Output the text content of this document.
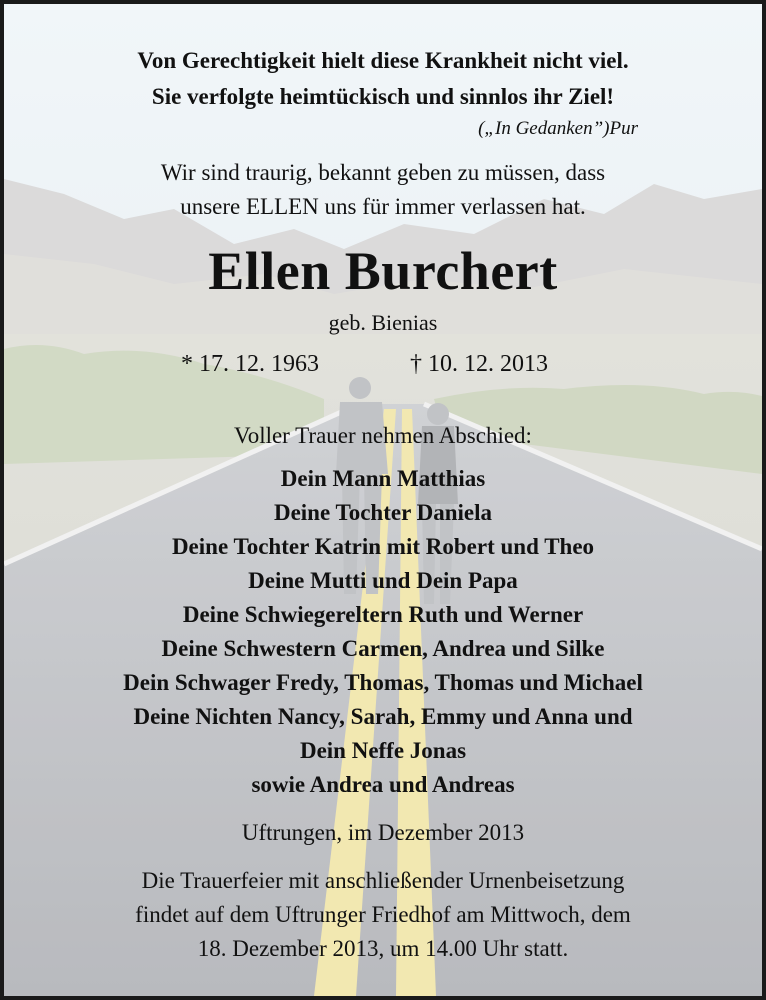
Von Gerechtigkeit hielt diese Krankheit nicht viel.
Sie verfolgte heimtückisch und sinnlos ihr Ziel!
(„In Gedanken”)Pur
Wir sind traurig, bekannt geben zu müssen, dass
unsere ELLEN uns für immer verlassen hat.
Ellen Burchert
geb. Bienias
* 17. 12. 1963	† 10. 12. 2013
Voller Trauer nehmen Abschied:
Dein Mann Matthias
Deine Tochter Daniela
Deine Tochter Katrin mit Robert und Theo
Deine Mutti und Dein Papa
Deine Schwiegereltern Ruth und Werner
Deine Schwestern Carmen, Andrea und Silke
Dein Schwager Fredy, Thomas, Thomas und Michael
Deine Nichten Nancy, Sarah, Emmy und Anna und
Dein Neffe Jonas
sowie Andrea und Andreas
Uftrungen, im Dezember 2013
Die Trauerfeier mit anschließender Urnenbeisetzung
findet auf dem Uftrunger Friedhof am Mittwoch, dem
18. Dezember 2013, um 14.00 Uhr statt.
